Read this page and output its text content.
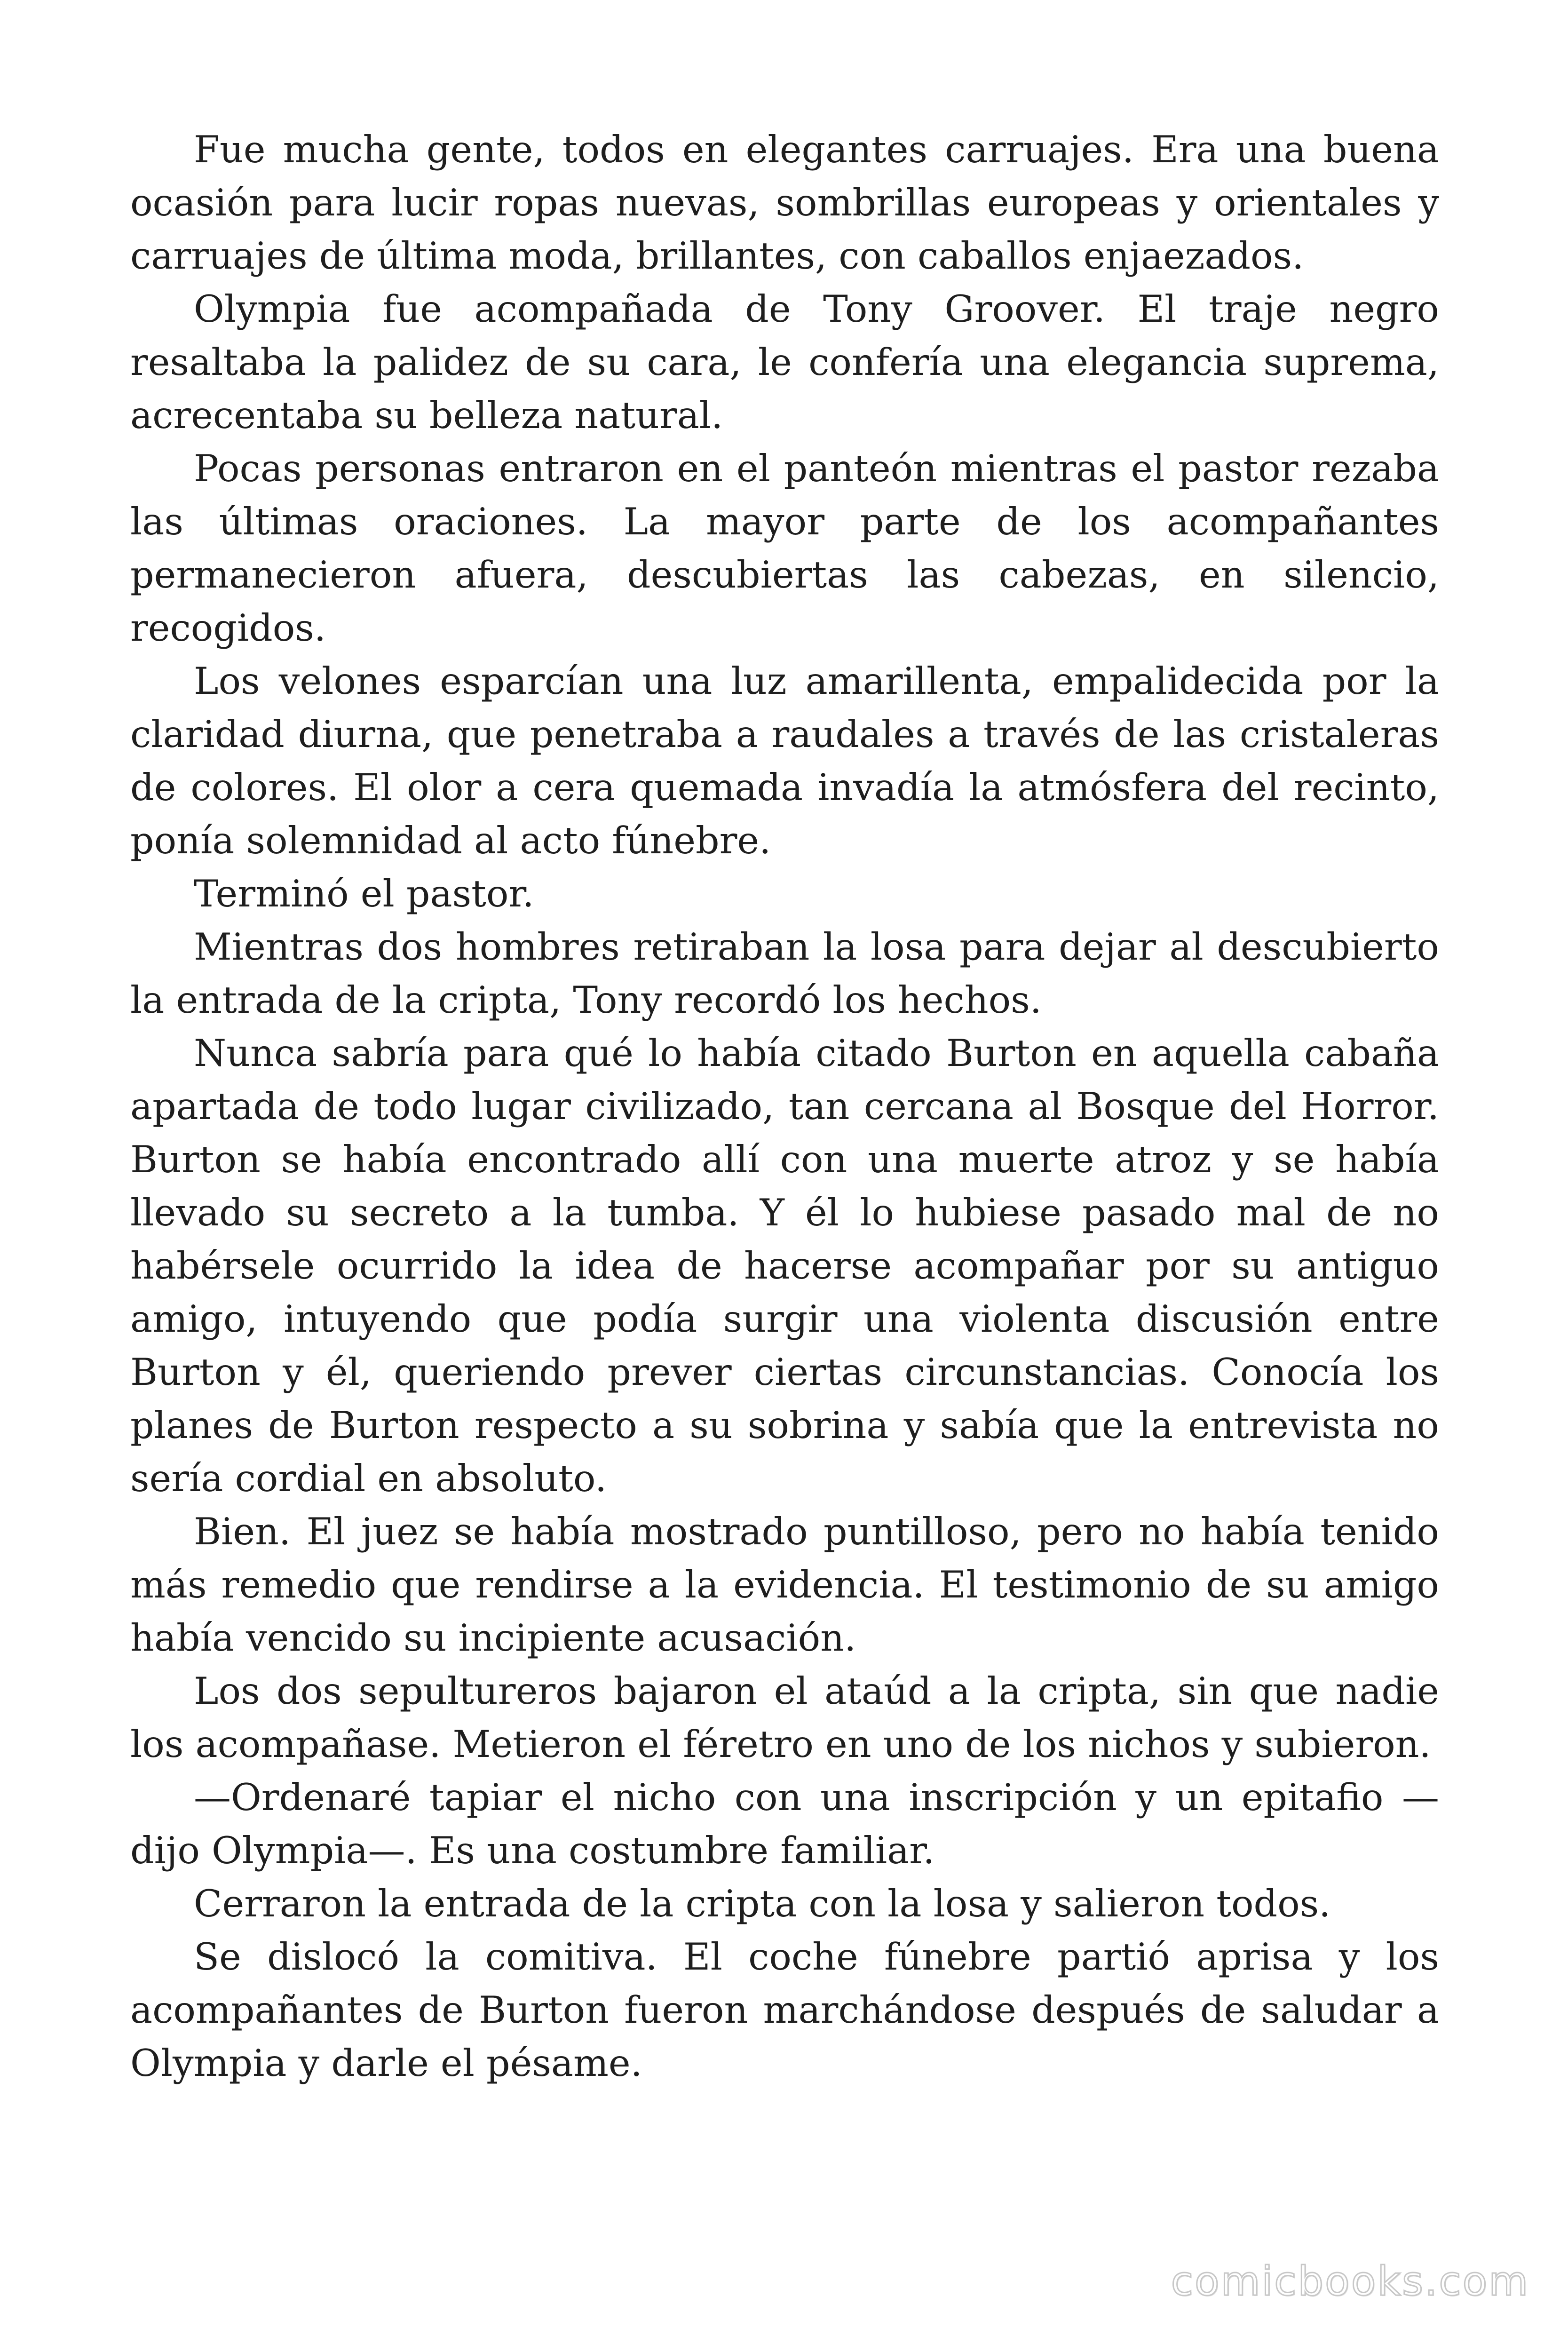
Fue mucha gente, todos en elegantes carruajes. Era una buena ocasión para lucir ropas nuevas, sombrillas europeas y orientales y carruajes de última moda, brillantes, con caballos enjaezados.

Olympia fue acompañada de Tony Groover. El traje negro resaltaba la palidez de su cara, le confería una elegancia suprema, acrecentaba su belleza natural.

Pocas personas entraron en el panteón mientras el pastor rezaba las últimas oraciones. La mayor parte de los acompañantes permanecieron afuera, descubiertas las cabezas, en silencio, recogidos.

Los velones esparcían una luz amarillenta, empalidecida por la claridad diurna, que penetraba a raudales a través de las cristaleras de colores. El olor a cera quemada invadía la atmósfera del recinto, ponía solemnidad al acto fúnebre.

Terminó el pastor.

Mientras dos hombres retiraban la losa para dejar al descubierto la entrada de la cripta, Tony recordó los hechos.

Nunca sabría para qué lo había citado Burton en aquella cabaña apartada de todo lugar civilizado, tan cercana al Bosque del Horror. Burton se había encontrado allí con una muerte atroz y se había llevado su secreto a la tumba. Y él lo hubiese pasado mal de no habérsele ocurrido la idea de hacerse acompañar por su antiguo amigo, intuyendo que podía surgir una violenta discusión entre Burton y él, queriendo prever ciertas circunstancias. Conocía los planes de Burton respecto a su sobrina y sabía que la entrevista no sería cordial en absoluto.

Bien. El juez se había mostrado puntilloso, pero no había tenido más remedio que rendirse a la evidencia. El testimonio de su amigo había vencido su incipiente acusación.

Los dos sepultureros bajaron el ataúd a la cripta, sin que nadie los acompañase. Metieron el féretro en uno de los nichos y subieron.

—Ordenaré tapiar el nicho con una inscripción y un epitafio —dijo Olympia—. Es una costumbre familiar.

Cerraron la entrada de la cripta con la losa y salieron todos.

Se dislocó la comitiva. El coche fúnebre partió aprisa y los acompañantes de Burton fueron marchándose después de saludar a Olympia y darle el pésame.

comicbooks.com
